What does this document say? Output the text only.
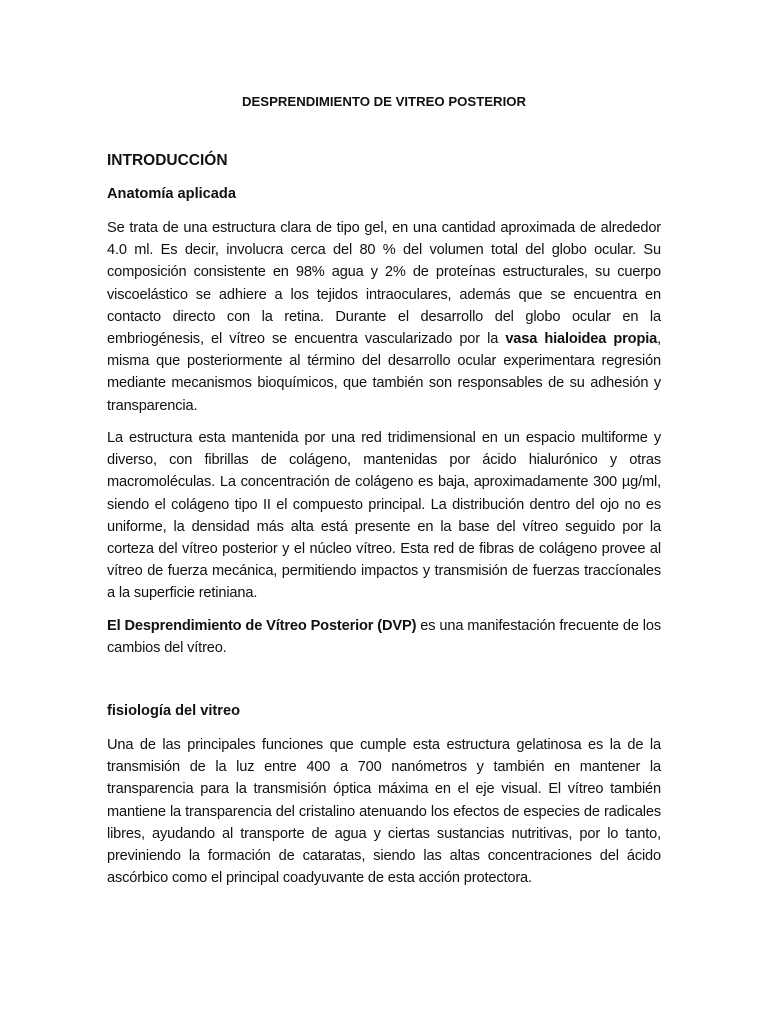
DESPRENDIMIENTO DE VITREO POSTERIOR
INTRODUCCIÓN
Anatomía aplicada

Se trata de una estructura clara de tipo gel, en una cantidad aproximada de alrededor 4.0 ml. Es decir, involucra cerca del 80 % del volumen total del globo ocular. Su composición consistente en 98% agua y 2% de proteínas estructurales, su cuerpo viscoelástico se adhiere a los tejidos intraoculares, además que se encuentra en contacto directo con la retina. Durante el desarrollo del globo ocular en la embriogénesis, el vítreo se encuentra vascularizado por la vasa hialoidea propia, misma que posteriormente al término del desarrollo ocular experimentara regresión mediante mecanismos bioquímicos, que también son responsables de su adhesión y transparencia.

La estructura esta mantenida por una red tridimensional en un espacio multiforme y diverso, con fibrillas de colágeno, mantenidas por ácido hialurónico y otras macromoléculas. La concentración de colágeno es baja, aproximadamente 300 µg/ml, siendo el colágeno tipo II el compuesto principal. La distribución dentro del ojo no es uniforme, la densidad más alta está presente en la base del vítreo seguido por la corteza del vítreo posterior y el núcleo vítreo. Esta red de fibras de colágeno provee al vítreo de fuerza mecánica, permitiendo impactos y transmisión de fuerzas traccíonales a la superficie retiniana.

El Desprendimiento de Vítreo Posterior (DVP) es una manifestación frecuente de los cambios del vítreo.

fisiología del vitreo

Una de las principales funciones que cumple esta estructura gelatinosa es la de la transmisión de la luz entre 400 a 700 nanómetros y también en mantener la transparencia para la transmisión óptica máxima en el eje visual. El vítreo también mantiene la transparencia del cristalino atenuando los efectos de especies de radicales libres, ayudando al transporte de agua y ciertas sustancias nutritivas, por lo tanto, previniendo la formación de cataratas, siendo las altas concentraciones del ácido ascórbico como el principal coadyuvante de esta acción protectora.
